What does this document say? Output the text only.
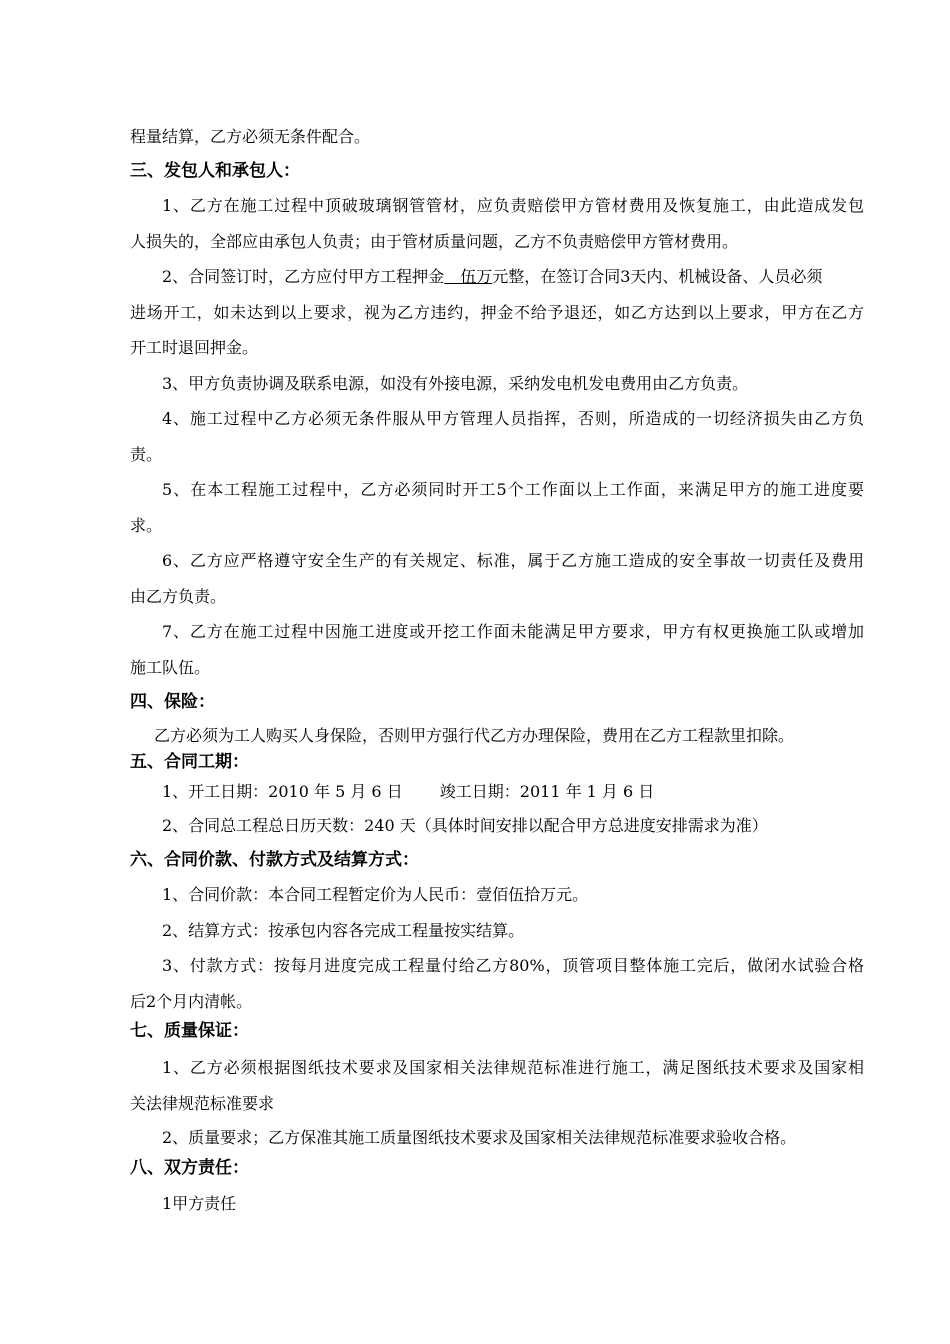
程量结算，乙方必须无条件配合。
三、发包人和承包人：
1、乙方在施工过程中顶破玻璃钢管管材，应负责赔偿甲方管材费用及恢复施工，由此造成发包
人损失的，全部应由承包人负责；由于管材质量问题，乙方不负责赔偿甲方管材费用。
2、合同签订时，乙方应付甲方工程押金　伍万元整，在签订合同3天内、机械设备、人员必须
进场开工，如未达到以上要求，视为乙方违约，押金不给予退还，如乙方达到以上要求，甲方在乙方
开工时退回押金。
3、甲方负责协调及联系电源，如没有外接电源，采纳发电机发电费用由乙方负责。
4、施工过程中乙方必须无条件服从甲方管理人员指挥，否则，所造成的一切经济损失由乙方负
责。
5、在本工程施工过程中，乙方必须同时开工5个工作面以上工作面，来满足甲方的施工进度要
求。
6、乙方应严格遵守安全生产的有关规定、标准，属于乙方施工造成的安全事故一切责任及费用
由乙方负责。
7、乙方在施工过程中因施工进度或开挖工作面未能满足甲方要求，甲方有权更换施工队或增加
施工队伍。
四、保险：
乙方必须为工人购买人身保险，否则甲方强行代乙方办理保险，费用在乙方工程款里扣除。
五、合同工期：
1、开工日期：2010 年 5 月 6 日　　 竣工日期：2011 年 1 月 6 日
2、合同总工程总日历天数：240 天（具体时间安排以配合甲方总进度安排需求为准）
六、合同价款、付款方式及结算方式：
1、合同价款：本合同工程暂定价为人民币：壹佰伍拾万元。
2、结算方式：按承包内容各完成工程量按实结算。
3、付款方式：按每月进度完成工程量付给乙方80%，顶管项目整体施工完后，做闭水试验合格
后2个月内清帐。
七、质量保证：
1、乙方必须根据图纸技术要求及国家相关法律规范标准进行施工，满足图纸技术要求及国家相
关法律规范标准要求
2、质量要求；乙方保准其施工质量图纸技术要求及国家相关法律规范标准要求验收合格。
八、双方责任：
1甲方责任
